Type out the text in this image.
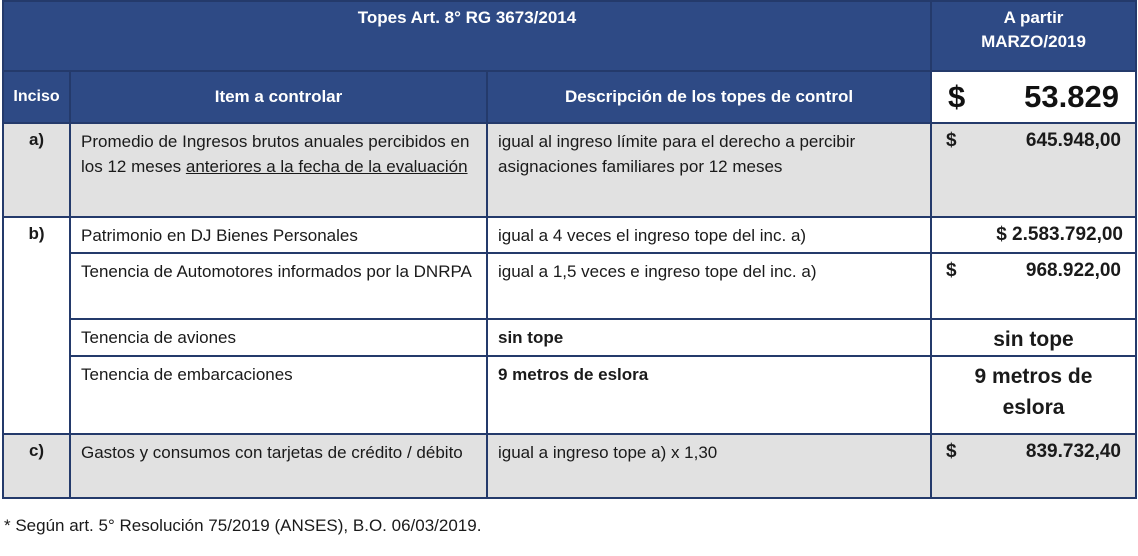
Topes Art. 8° RG 3673/2014			A partir
MARZO/2019

Inciso	Item a controlar	Descripción de los topes de control	$ 53.829

a)	Promedio de Ingresos brutos anuales percibidos en los 12 meses anteriores a la fecha de la evaluación	igual al ingreso límite para el derecho a percibir asignaciones familiares por 12 meses	$ 645.948,00

b)	Patrimonio en DJ Bienes Personales	igual a 4 veces el ingreso tope del inc. a)	$ 2.583.792,00
	Tenencia de Automotores informados por la DNRPA	igual a 1,5 veces e ingreso tope del inc. a)	$ 968.922,00

	Tenencia de aviones	sin tope	sin tope
	Tenencia de embarcaciones	9 metros de eslora	9 metros de eslora
c)	Gastos y consumos con tarjetas de crédito / débito	igual a ingreso tope a) x 1,30	$ 839.732,40
* Según art. 5° Resolución 75/2019 (ANSES), B.O. 06/03/2019.
